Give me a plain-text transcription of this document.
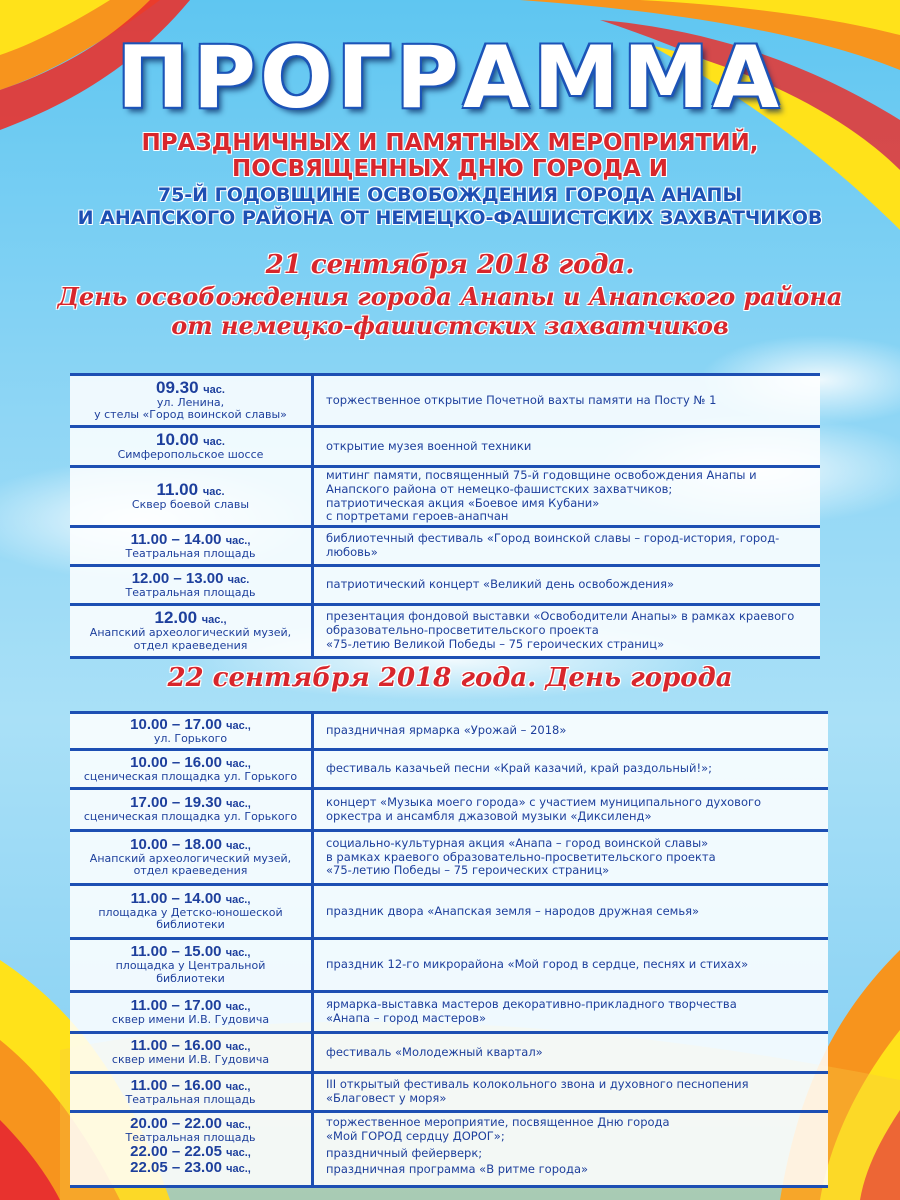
ПРОГРАММА
ПРАЗДНИЧНЫХ И ПАМЯТНЫХ МЕРОПРИЯТИЙ,
ПОСВЯЩЕННЫХ ДНЮ ГОРОДА И
75-Й ГОДОВЩИНЕ ОСВОБОЖДЕНИЯ ГОРОДА АНАПЫ
И АНАПСКОГО РАЙОНА ОТ НЕМЕЦКО-ФАШИСТСКИХ ЗАХВАТЧИКОВ
21 сентября 2018 года.
День освобождения города Анапы и Анапского района
от немецко-фашистских захватчиков
09.30 час.
ул. Ленина,
у стелы «Город воинской славы»
торжественное открытие Почетной вахты памяти на Посту № 1
10.00 час.
Симферопольское шоссе
открытие музея военной техники
11.00 час.
Сквер боевой славы
митинг памяти, посвященный 75-й годовщине освобождения Анапы и Анапского района от немецко-фашистских захватчиков;
патриотическая акция «Боевое имя Кубани»
с портретами героев-анапчан
11.00 – 14.00 час.,
Театральная площадь
библиотечный фестиваль «Город воинской славы – город-история, город-любовь»
12.00 – 13.00 час.
Театральная площадь
патриотический концерт «Великий день освобождения»
12.00 час.,
Анапский археологический музей,
отдел краеведения
презентация фондовой выставки «Освободители Анапы» в рамках краевого образовательно-просветительского проекта
«75-летию Великой Победы – 75 героических страниц»
22 сентября 2018 года. День города
10.00 – 17.00 час.,
ул. Горького
праздничная ярмарка «Урожай – 2018»
10.00 – 16.00 час.,
сценическая площадка ул. Горького
фестиваль казачьей песни «Край казачий, край раздольный!»;
17.00 – 19.30 час.,
сценическая площадка ул. Горького
концерт «Музыка моего города» с участием муниципального духового оркестра и ансамбля джазовой музыки «Диксиленд»
10.00 – 18.00 час.,
Анапский археологический музей,
отдел краеведения
социально-культурная акция «Анапа – город воинской славы»
в рамках краевого образовательно-просветительского проекта
«75-летию Победы – 75 героических страниц»
11.00 – 14.00 час.,
площадка у Детско-юношеской
библиотеки
праздник двора «Анапская земля – народов дружная семья»
11.00 – 15.00 час.,
площадка у Центральной
библиотеки
праздник 12-го микрорайона «Мой город в сердце, песнях и стихах»
11.00 – 17.00 час.,
сквер имени И.В. Гудовича
ярмарка-выставка мастеров декоративно-прикладного творчества
«Анапа – город мастеров»
11.00 – 16.00 час.,
сквер имени И.В. Гудовича
фестиваль «Молодежный квартал»
11.00 – 16.00 час.,
Театральная площадь
III открытый фестиваль колокольного звона и духовного песнопения
«Благовест у моря»
20.00 – 22.00 час.,
Театральная площадь
22.00 – 22.05 час.,
22.05 – 23.00 час.,
торжественное мероприятие, посвященное Дню города
«Мой ГОРОД сердцу ДОРОГ»;
праздничный фейерверк;
праздничная программа «В ритме города»
